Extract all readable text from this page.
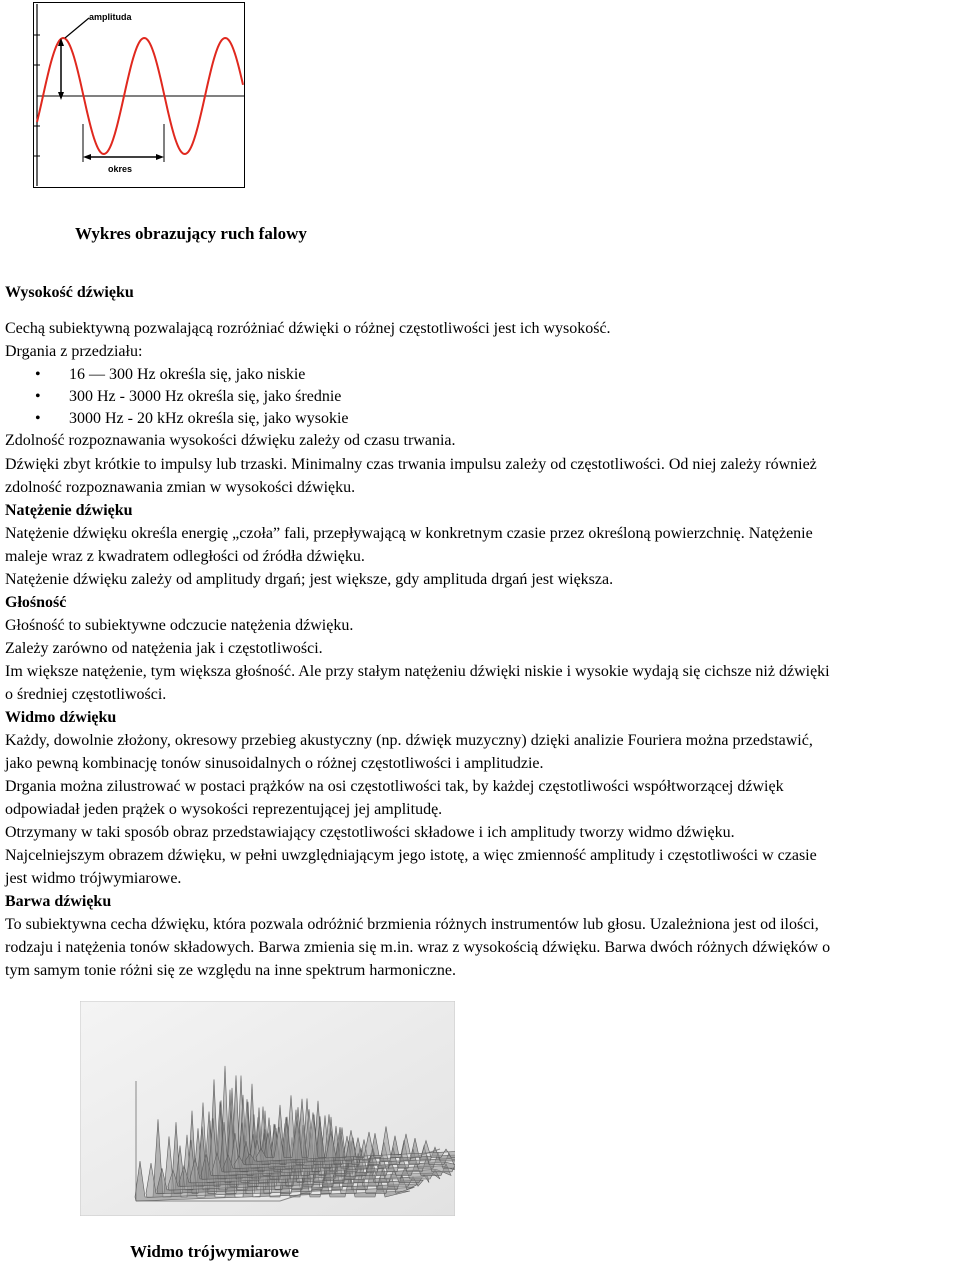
amplituda
okres
Wykres obrazujący ruch falowy
Wysokość dźwięku
Cechą subiektywną pozwalającą rozróżniać dźwięki o różnej częstotliwości jest ich wysokość.
Drgania z przedziału:
• 16 — 300 Hz określa się, jako niskie
• 300 Hz - 3000 Hz określa się, jako średnie
• 3000 Hz - 20 kHz określa się, jako wysokie
Zdolność rozpoznawania wysokości dźwięku zależy od czasu trwania.
Dźwięki zbyt krótkie to impulsy lub trzaski. Minimalny czas trwania impulsu zależy od częstotliwości. Od niej zależy również
zdolność rozpoznawania zmian w wysokości dźwięku.
Natężenie dźwięku
Natężenie dźwięku określa energię „czoła” fali, przepływającą w konkretnym czasie przez określoną powierzchnię. Natężenie
maleje wraz z kwadratem odległości od źródła dźwięku.
Natężenie dźwięku zależy od amplitudy drgań; jest większe, gdy amplituda drgań jest większa.
Głośność
Głośność to subiektywne odczucie natężenia dźwięku.
Zależy zarówno od natężenia jak i częstotliwości.
Im większe natężenie, tym większa głośność. Ale przy stałym natężeniu dźwięki niskie i wysokie wydają się cichsze niż dźwięki
o średniej częstotliwości.
Widmo dźwięku
Każdy, dowolnie złożony, okresowy przebieg akustyczny (np. dźwięk muzyczny) dzięki analizie Fouriera można przedstawić,
jako pewną kombinację tonów sinusoidalnych o różnej częstotliwości i amplitudzie.
Drgania można zilustrować w postaci prążków na osi częstotliwości tak, by każdej częstotliwości współtworzącej dźwięk
odpowiadał jeden prążek o wysokości reprezentującej jej amplitudę.
Otrzymany w taki sposób obraz przedstawiający częstotliwości składowe i ich amplitudy tworzy widmo dźwięku.
Najcelniejszym obrazem dźwięku, w pełni uwzględniającym jego istotę, a więc zmienność amplitudy i częstotliwości w czasie
jest widmo trójwymiarowe.
Barwa dźwięku
To subiektywna cecha dźwięku, która pozwala odróżnić brzmienia różnych instrumentów lub głosu. Uzależniona jest od ilości,
rodzaju i natężenia tonów składowych. Barwa zmienia się m.in. wraz z wysokością dźwięku. Barwa dwóch różnych dźwięków o
tym samym tonie różni się ze względu na inne spektrum harmoniczne.
Widmo trójwymiarowe
